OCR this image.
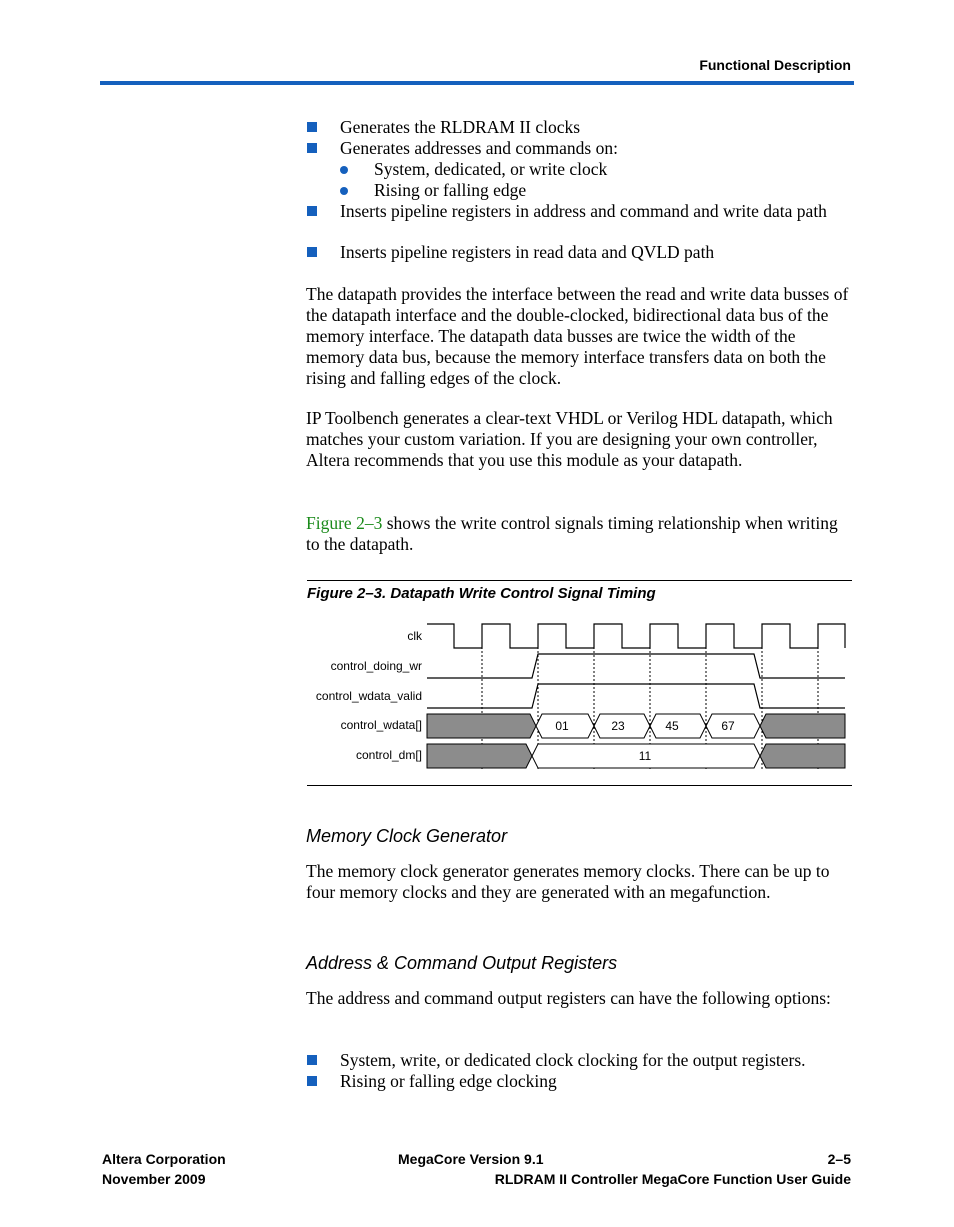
Functional Description
Generates the RLDRAM II clocks
Generates addresses and commands on:
System, dedicated, or write clock
Rising or falling edge
Inserts pipeline registers in address and command and write data path
Inserts pipeline registers in read data and QVLD path
The datapath provides the interface between the read and write data busses of the datapath interface and the double-clocked, bidirectional data bus of the memory interface. The datapath data busses are twice the width of the memory data bus, because the memory interface transfers data on both the rising and falling edges of the clock.
IP Toolbench generates a clear-text VHDL or Verilog HDL datapath, which matches your custom variation. If you are designing your own controller, Altera recommends that you use this module as your datapath.
Figure 2–3 shows the write control signals timing relationship when writing to the datapath.
Figure 2–3. Datapath Write Control Signal Timing
clk
control_doing_wr
control_wdata_valid
control_wdata[]
control_dm[]
01	23	45	67
11
Memory Clock Generator
The memory clock generator generates memory clocks. There can be up to four memory clocks and they are generated with an megafunction.
Address & Command Output Registers
The address and command output registers can have the following options:
System, write, or dedicated clock clocking for the output registers.
Rising or falling edge clocking
Altera Corporation
November 2009
MegaCore Version 9.1	2–5
RLDRAM II Controller MegaCore Function User Guide
